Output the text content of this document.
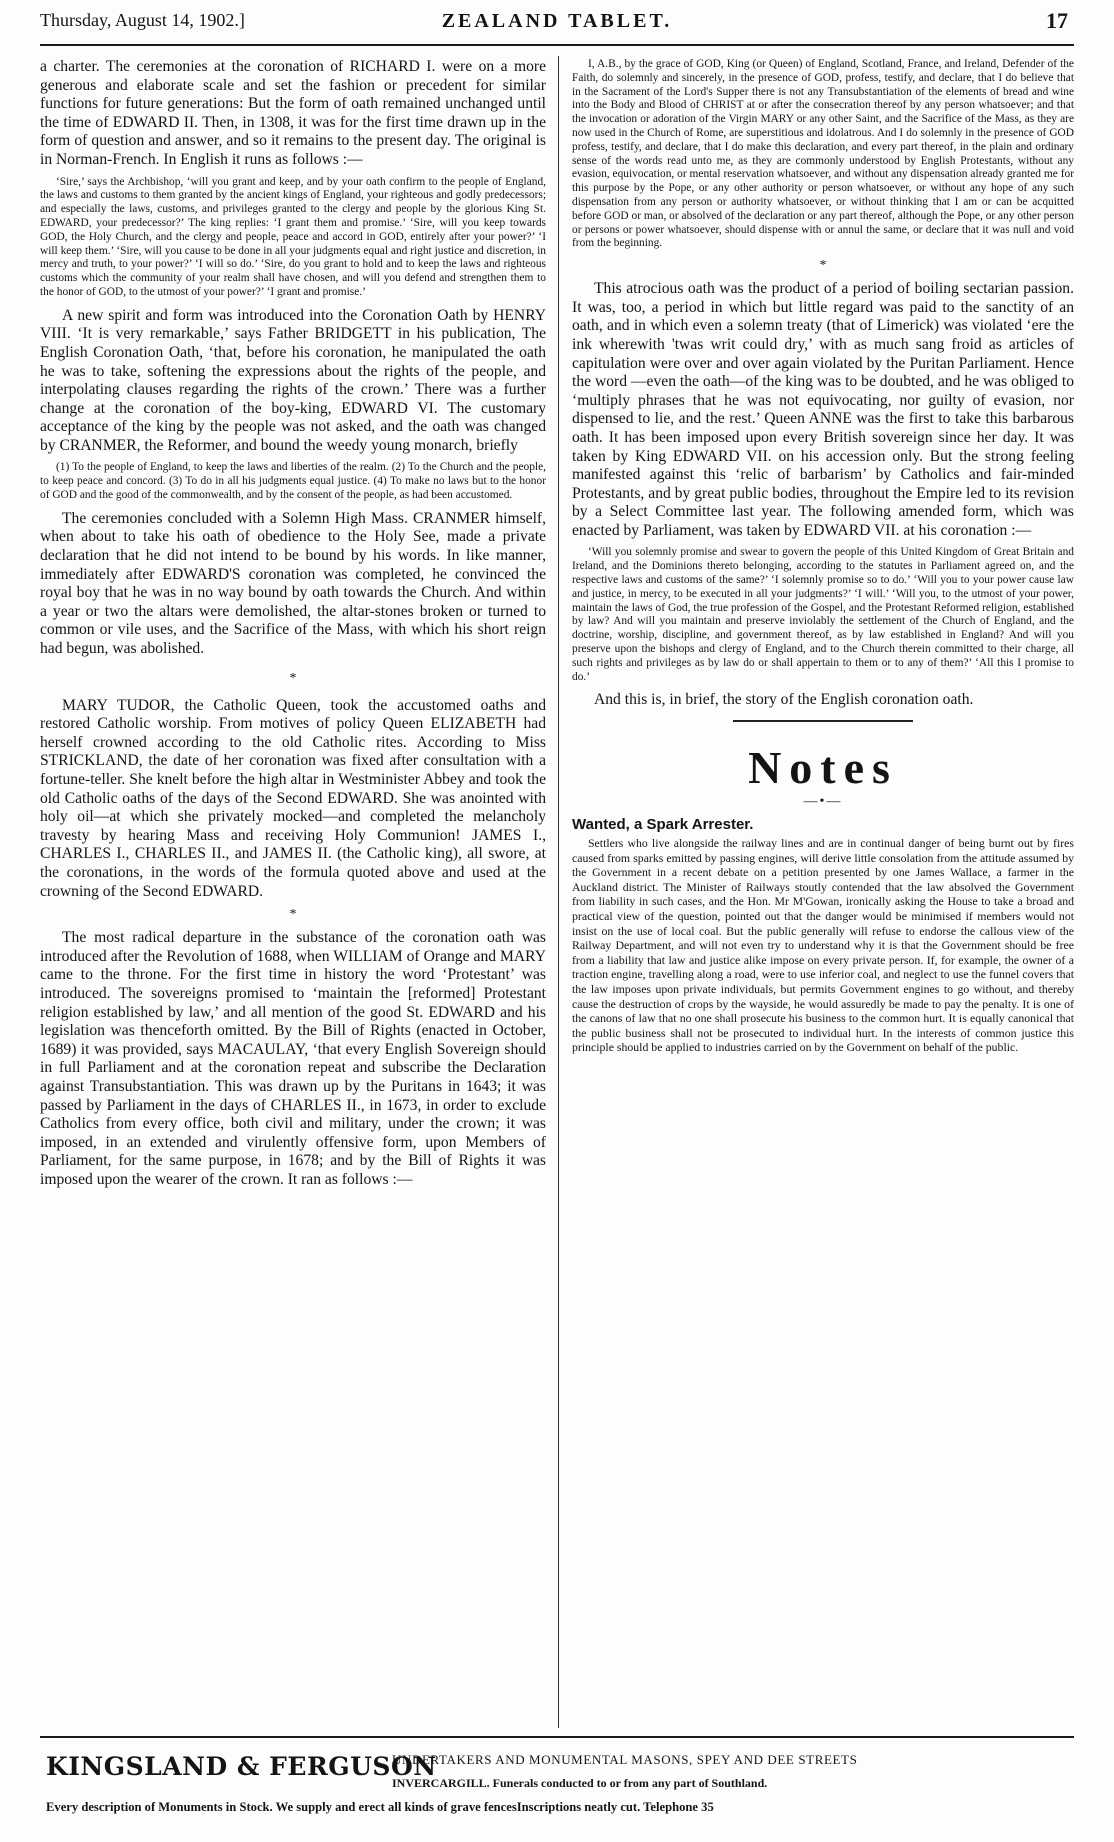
Thursday, August 14, 1902.]	ZEALAND TABLET.	17

a charter. The ceremonies at the coronation of RICHARD I. were on a more generous and elaborate scale and set the fashion or precedent for similar functions for future generations: But the form of oath remained unchanged until the time of EDWARD II. Then, in 1308, it was for the first time drawn up in the form of question and answer, and so it remains to the present day. The original is in Norman-French. In English it runs as follows :—

‘Sire,’ says the Archbishop, ‘will you grant and keep, and by your oath confirm to the people of England, the laws and customs to them granted by the ancient kings of England, your righteous and godly predecessors; and especially the laws, customs, and privileges granted to the clergy and people by the glorious King St. EDWARD, your predecessor?’ The king replies: ‘I grant them and promise.’ ‘Sire, will you keep towards GOD, the Holy Church, and the clergy and people, peace and accord in GOD, entirely after your power?’ ‘I will keep them.’ ‘Sire, will you cause to be done in all your judgments equal and right justice and discretion, in mercy and truth, to your power?’ ‘I will so do.’ ‘Sire, do you grant to hold and to keep the laws and righteous customs which the community of your realm shall have chosen, and will you defend and strengthen them to the honor of GOD, to the utmost of your power?’ ‘I grant and promise.’

A new spirit and form was introduced into the Coronation Oath by HENRY VIII. ‘It is very remarkable,’ says Father BRIDGETT in his publication, The English Coronation Oath, ‘that, before his coronation, he manipulated the oath he was to take, softening the expressions about the rights of the people, and interpolating clauses regarding the rights of the crown.’ There was a further change at the coronation of the boy-king, EDWARD VI. The customary acceptance of the king by the people was not asked, and the oath was changed by CRANMER, the Reformer, and bound the weedy young monarch, briefly

(1) To the people of England, to keep the laws and liberties of the realm. (2) To the Church and the people, to keep peace and concord. (3) To do in all his judgments equal justice. (4) To make no laws but to the honor of GOD and the good of the commonwealth, and by the consent of the people, as had been accustomed.

The ceremonies concluded with a Solemn High Mass. CRANMER himself, when about to take his oath of obedience to the Holy See, made a private declaration that he did not intend to be bound by his words. In like manner, immediately after EDWARD'S coronation was completed, he convinced the royal boy that he was in no way bound by oath towards the Church. And within a year or two the altars were demolished, the altar-stones broken or turned to common or vile uses, and the Sacrifice of the Mass, with which his short reign had begun, was abolished.

*

MARY TUDOR, the Catholic Queen, took the accustomed oaths and restored Catholic worship. From motives of policy Queen ELIZABETH had herself crowned according to the old Catholic rites. According to Miss STRICKLAND, the date of her coronation was fixed after consultation with a fortune-teller. She knelt before the high altar in Westminister Abbey and took the old Catholic oaths of the days of the Second EDWARD. She was anointed with holy oil—at which she privately mocked—and completed the melancholy travesty by hearing Mass and receiving Holy Communion! JAMES I., CHARLES I., CHARLES II., and JAMES II. (the Catholic king), all swore, at the coronations, in the words of the formula quoted above and used at the crowning of the Second EDWARD.

*

The most radical departure in the substance of the coronation oath was introduced after the Revolution of 1688, when WILLIAM of Orange and MARY came to the throne. For the first time in history the word ‘Protestant’ was introduced. The sovereigns promised to ‘maintain the [reformed] Protestant religion established by law,’ and all mention of the good St. EDWARD and his legislation was thenceforth omitted. By the Bill of Rights (enacted in October, 1689) it was provided, says MACAULAY, ‘that every English Sovereign should in full Parliament and at the coronation repeat and subscribe the Declaration against Transubstantiation. This was drawn up by the Puritans in 1643; it was passed by Parliament in the days of CHARLES II., in 1673, in order to exclude Catholics from every office, both civil and military, under the crown; it was imposed, in an extended and virulently offensive form, upon Members of Parliament, for the same purpose, in 1678; and by the Bill of Rights it was imposed upon the wearer of the crown. It ran as follows :—

I, A.B., by the grace of GOD, King (or Queen) of England, Scotland, France, and Ireland, Defender of the Faith, do solemnly and sincerely, in the presence of GOD, profess, testify, and declare, that I do believe that in the Sacrament of the Lord's Supper there is not any Transubstantiation of the elements of bread and wine into the Body and Blood of CHRIST at or after the consecration thereof by any person whatsoever; and that the invocation or adoration of the Virgin MARY or any other Saint, and the Sacrifice of the Mass, as they are now used in the Church of Rome, are superstitious and idolatrous. And I do solemnly in the presence of GOD profess, testify, and declare, that I do make this declaration, and every part thereof, in the plain and ordinary sense of the words read unto me, as they are commonly understood by English Protestants, without any evasion, equivocation, or mental reservation whatsoever, and without any dispensation already granted me for this purpose by the Pope, or any other authority or person whatsoever, or without any hope of any such dispensation from any person or authority whatsoever, or without thinking that I am or can be acquitted before GOD or man, or absolved of the declaration or any part thereof, although the Pope, or any other person or persons or power whatsoever, should dispense with or annul the same, or declare that it was null and void from the beginning.

*

This atrocious oath was the product of a period of boiling sectarian passion. It was, too, a period in which but little regard was paid to the sanctity of an oath, and in which even a solemn treaty (that of Limerick) was violated ‘ere the ink wherewith 'twas writ could dry,’ with as much sang froid as articles of capitulation were over and over again violated by the Puritan Parliament. Hence the word —even the oath—of the king was to be doubted, and he was obliged to ‘multiply phrases that he was not equivocating, nor guilty of evasion, nor dispensed to lie, and the rest.’ Queen ANNE was the first to take this barbarous oath. It has been imposed upon every British sovereign since her day. It was taken by King EDWARD VII. on his accession only. But the strong feeling manifested against this ‘relic of barbarism’ by Catholics and fair-minded Protestants, and by great public bodies, throughout the Empire led to its revision by a Select Committee last year. The following amended form, which was enacted by Parliament, was taken by EDWARD VII. at his coronation :—

‘Will you solemnly promise and swear to govern the people of this United Kingdom of Great Britain and Ireland, and the Dominions thereto belonging, according to the statutes in Parliament agreed on, and the respective laws and customs of the same?’ ‘I solemnly promise so to do.’ ‘Will you to your power cause law and justice, in mercy, to be executed in all your judgments?’ ‘I will.’ ‘Will you, to the utmost of your power, maintain the laws of God, the true profession of the Gospel, and the Protestant Reformed religion, established by law? And will you maintain and preserve inviolably the settlement of the Church of England, and the doctrine, worship, discipline, and government thereof, as by law established in England? And will you preserve upon the bishops and clergy of England, and to the Church therein committed to their charge, all such rights and privileges as by law do or shall appertain to them or to any of them?’ ‘All this I promise to do.’

And this is, in brief, the story of the English coronation oath.

Notes
—•—
Wanted, a Spark Arrester.

Settlers who live alongside the railway lines and are in continual danger of being burnt out by fires caused from sparks emitted by passing engines, will derive little consolation from the attitude assumed by the Government in a recent debate on a petition presented by one James Wallace, a farmer in the Auckland district. The Minister of Railways stoutly contended that the law absolved the Government from liability in such cases, and the Hon. Mr M'Gowan, ironically asking the House to take a broad and practical view of the question, pointed out that the danger would be minimised if members would not insist on the use of local coal. But the public generally will refuse to endorse the callous view of the Railway Department, and will not even try to understand why it is that the Government should be free from a liability that law and justice alike impose on every private person. If, for example, the owner of a traction engine, travelling along a road, were to use inferior coal, and neglect to use the funnel covers that the law imposes upon private individuals, but permits Government engines to go without, and thereby cause the destruction of crops by the wayside, he would assuredly be made to pay the penalty. It is one of the canons of law that no one shall prosecute his business to the common hurt. It is equally canonical that the public business shall not be prosecuted to individual hurt. In the interests of common justice this principle should be applied to industries carried on by the Government on behalf of the public.

KINGSLAND & FERGUSON
UNDERTAKERS AND MONUMENTAL MASONS, SPEY AND DEE STREETS
INVERCARGILL. Funerals conducted to or from any part of Southland.
Every description of Monuments in Stock. We supply and erect all kinds of grave fencesInscriptions neatly cut. Telephone 35
